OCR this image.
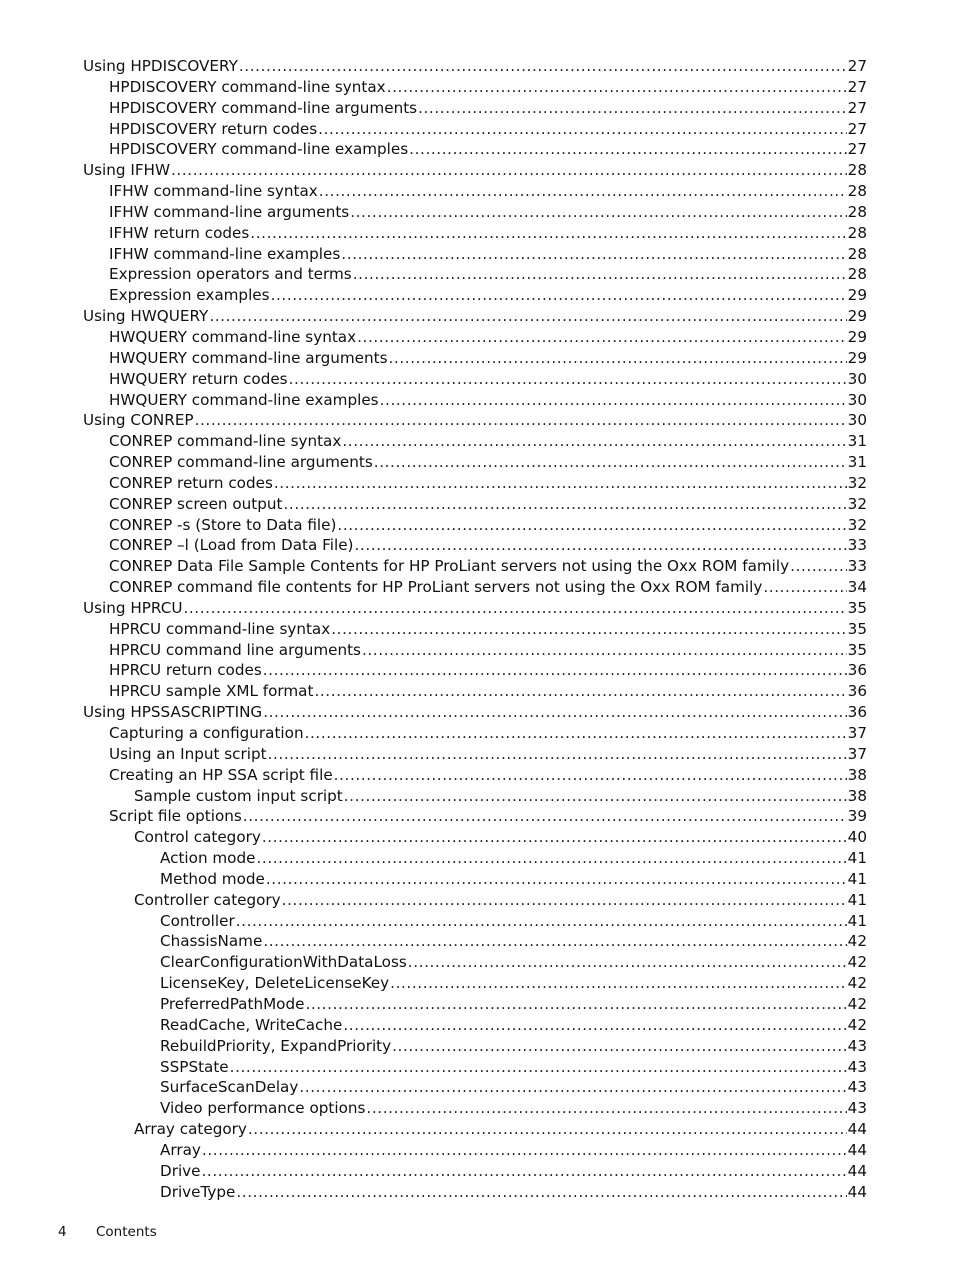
Using HPDISCOVERY .....	27
HPDISCOVERY command-line syntax .....	27
HPDISCOVERY command-line arguments .....	27
HPDISCOVERY return codes .....	27
HPDISCOVERY command-line examples .....	27
Using IFHW .....	28
IFHW command-line syntax .....	28
IFHW command-line arguments .....	28
IFHW return codes .....	28
IFHW command-line examples .....	28
Expression operators and terms .....	28
Expression examples .....	29
Using HWQUERY .....	29
HWQUERY command-line syntax .....	29
HWQUERY command-line arguments .....	29
HWQUERY return codes .....	30
HWQUERY command-line examples .....	30
Using CONREP .....	30
CONREP command-line syntax .....	31
CONREP command-line arguments .....	31
CONREP return codes .....	32
CONREP screen output .....	32
CONREP -s (Store to Data file) .....	32
CONREP –l (Load from Data File) .....	33
CONREP Data File Sample Contents for HP ProLiant servers not using the Oxx ROM family .....	33
CONREP command file contents for HP ProLiant servers not using the Oxx ROM family .....	34
Using HPRCU .....	35
HPRCU command-line syntax .....	35
HPRCU command line arguments .....	35
HPRCU return codes .....	36
HPRCU sample XML format .....	36
Using HPSSASCRIPTING .....	36
Capturing a configuration .....	37
Using an Input script .....	37
Creating an HP SSA script file .....	38
Sample custom input script .....	38
Script file options .....	39
Control category .....	40
Action mode .....	41
Method mode .....	41
Controller category .....	41
Controller .....	41
ChassisName .....	42
ClearConfigurationWithDataLoss .....	42
LicenseKey, DeleteLicenseKey .....	42
PreferredPathMode .....	42
ReadCache, WriteCache .....	42
RebuildPriority, ExpandPriority .....	43
SSPState .....	43
SurfaceScanDelay .....	43
Video performance options .....	43
Array category .....	44
Array .....	44
Drive .....	44
DriveType .....	44
4 Contents
